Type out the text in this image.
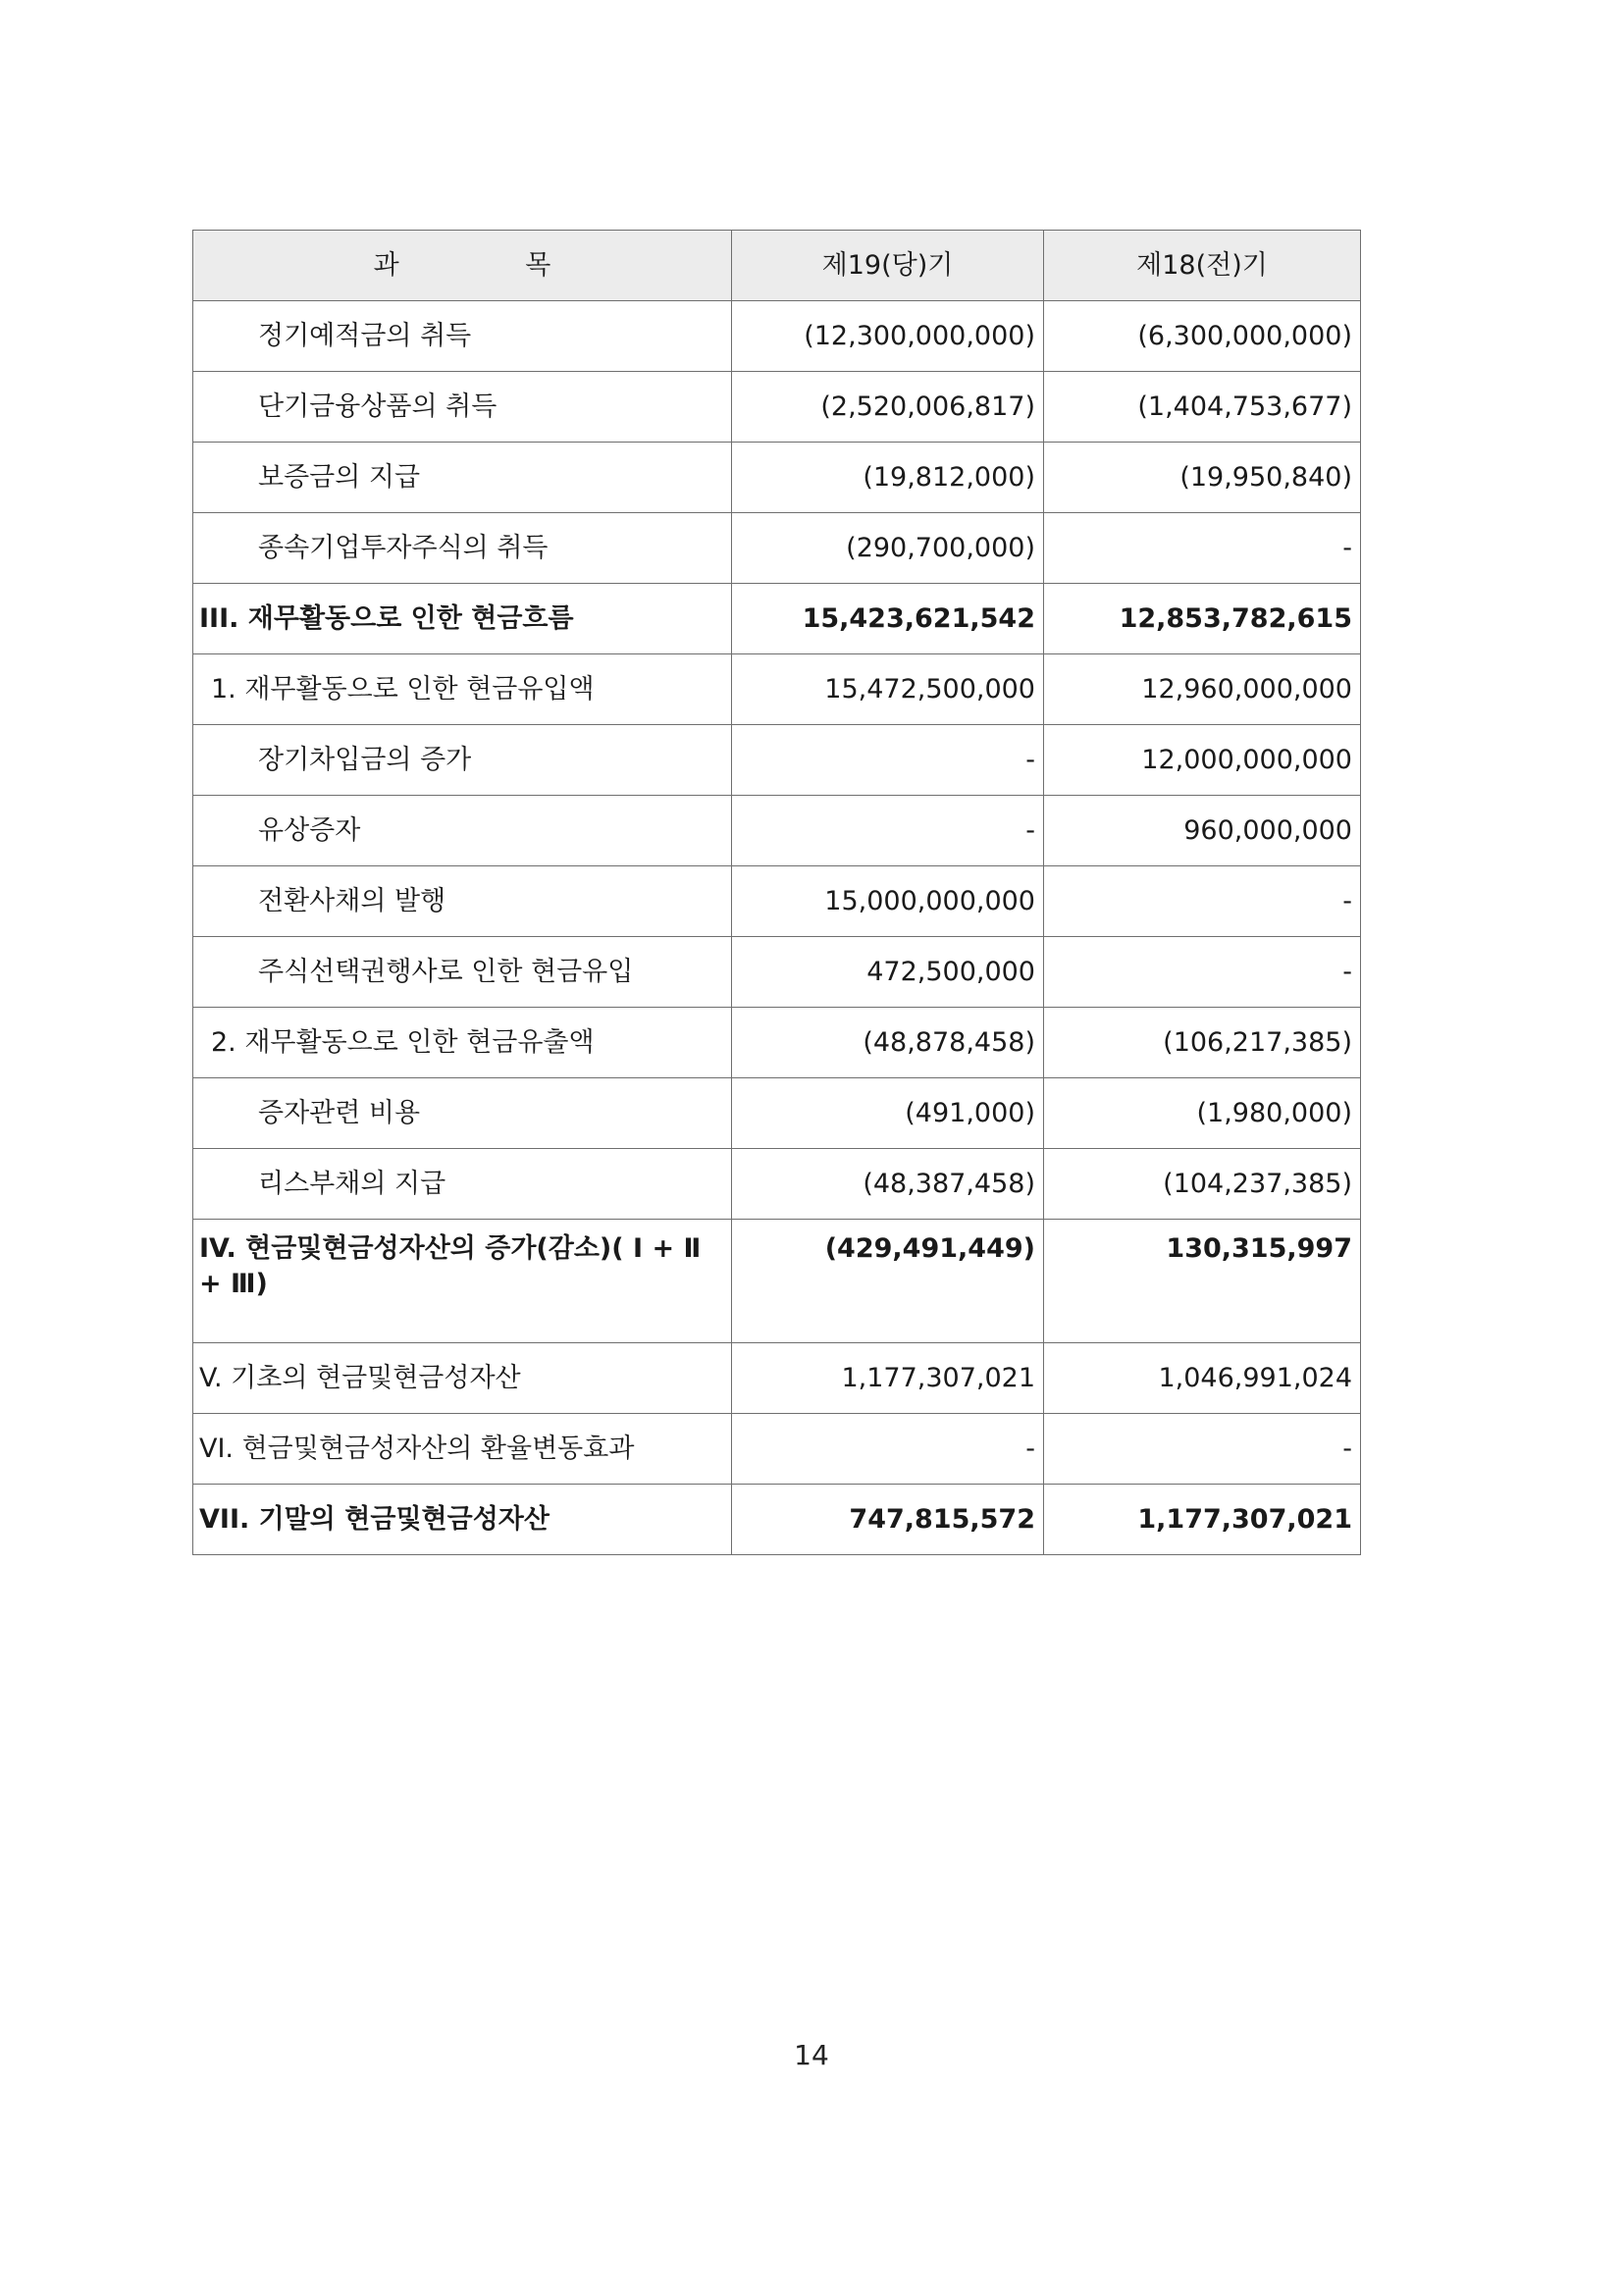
과 목	제19(당)기	제18(전)기
정기예적금의 취득	(12,300,000,000)	(6,300,000,000)
단기금융상품의 취득	(2,520,006,817)	(1,404,753,677)
보증금의 지급	(19,812,000)	(19,950,840)
종속기업투자주식의 취득	(290,700,000)	-
III. 재무활동으로 인한 현금흐름	15,423,621,542	12,853,782,615
1. 재무활동으로 인한 현금유입액	15,472,500,000	12,960,000,000
장기차입금의 증가	-	12,000,000,000
유상증자	-	960,000,000
전환사채의 발행	15,000,000,000	-
주식선택권행사로 인한 현금유입	472,500,000	-
2. 재무활동으로 인한 현금유출액	(48,878,458)	(106,217,385)
증자관련 비용	(491,000)	(1,980,000)
리스부채의 지급	(48,387,458)	(104,237,385)
IV. 현금및현금성자산의 증가(감소)( Ⅰ + Ⅱ + Ⅲ)	(429,491,449)	130,315,997
V. 기초의 현금및현금성자산	1,177,307,021	1,046,991,024
VI. 현금및현금성자산의 환율변동효과	-	-
VII. 기말의 현금및현금성자산	747,815,572	1,177,307,021
14
